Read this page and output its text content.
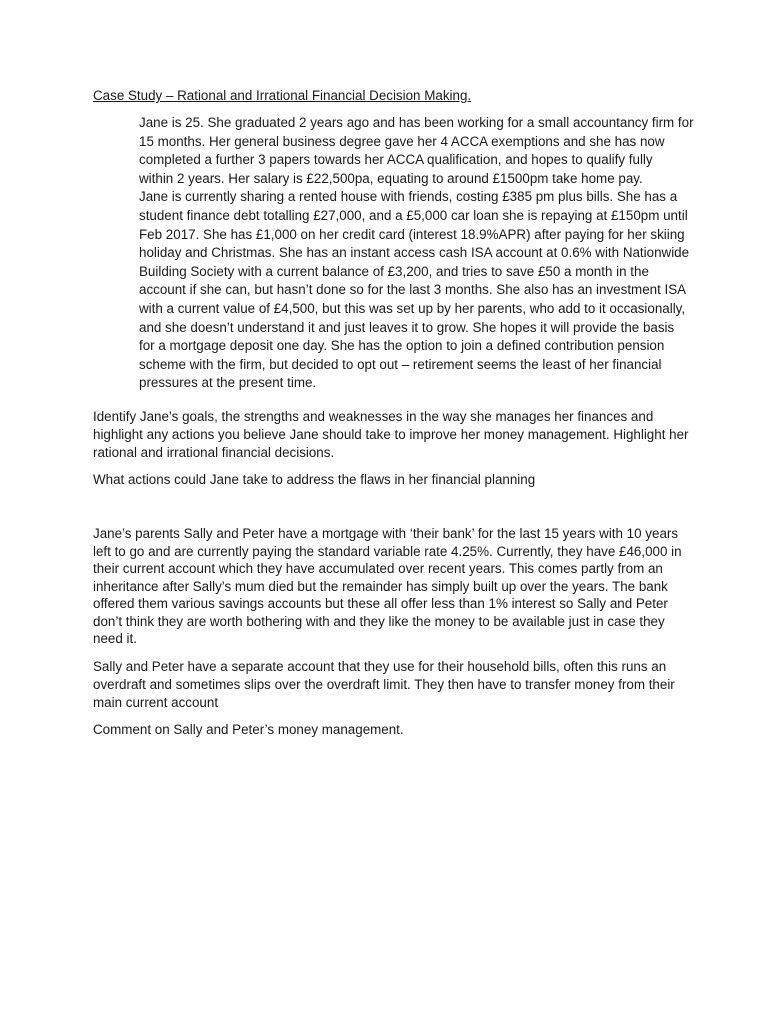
Case Study – Rational and Irrational Financial Decision Making.
Jane is 25. She graduated 2 years ago and has been working for a small accountancy firm for
15 months. Her general business degree gave her 4 ACCA exemptions and she has now
completed a further 3 papers towards her ACCA qualification, and hopes to qualify fully
within 2 years. Her salary is £22,500pa, equating to around £1500pm take home pay.
Jane is currently sharing a rented house with friends, costing £385 pm plus bills. She has a
student finance debt totalling £27,000, and a £5,000 car loan she is repaying at £150pm until
Feb 2017. She has £1,000 on her credit card (interest 18.9%APR) after paying for her skiing
holiday and Christmas. She has an instant access cash ISA account at 0.6% with Nationwide
Building Society with a current balance of £3,200, and tries to save £50 a month in the
account if she can, but hasn’t done so for the last 3 months. She also has an investment ISA
with a current value of £4,500, but this was set up by her parents, who add to it occasionally,
and she doesn’t understand it and just leaves it to grow. She hopes it will provide the basis
for a mortgage deposit one day. She has the option to join a defined contribution pension
scheme with the firm, but decided to opt out – retirement seems the least of her financial
pressures at the present time.
Identify Jane’s goals, the strengths and weaknesses in the way she manages her finances and
highlight any actions you believe Jane should take to improve her money management. Highlight her
rational and irrational financial decisions.
What actions could Jane take to address the flaws in her financial planning
Jane’s parents Sally and Peter have a mortgage with ‘their bank’ for the last 15 years with 10 years
left to go and are currently paying the standard variable rate 4.25%. Currently, they have £46,000 in
their current account which they have accumulated over recent years. This comes partly from an
inheritance after Sally’s mum died but the remainder has simply built up over the years. The bank
offered them various savings accounts but these all offer less than 1% interest so Sally and Peter
don’t think they are worth bothering with and they like the money to be available just in case they
need it.
Sally and Peter have a separate account that they use for their household bills, often this runs an
overdraft and sometimes slips over the overdraft limit. They then have to transfer money from their
main current account
Comment on Sally and Peter’s money management.
